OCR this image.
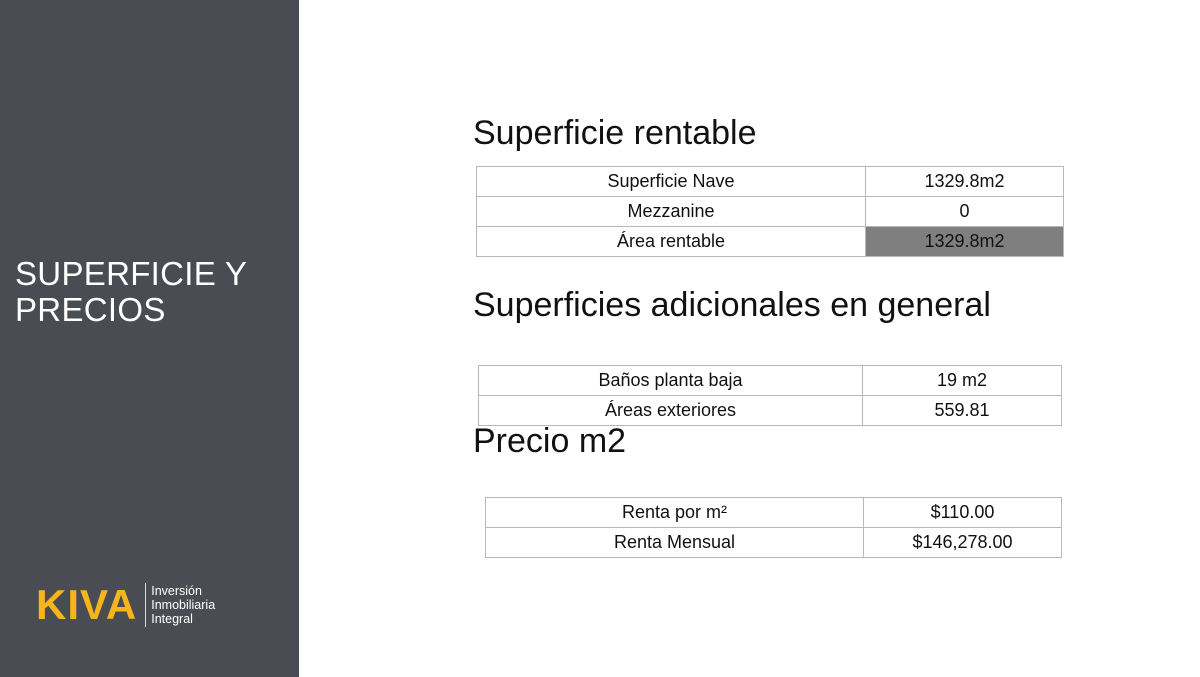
SUPERFICIE Y
PRECIOS
KIVA Inversión
Inmobiliaria
Integral
Superficie rentable
Superficie Nave	1329.8m2
Mezzanine	0
Área rentable	1329.8m2
Superficies adicionales en general
Baños planta baja	19 m2
Áreas exteriores	559.81
Precio m2
Renta por m²	$110.00
Renta Mensual	$146,278.00
